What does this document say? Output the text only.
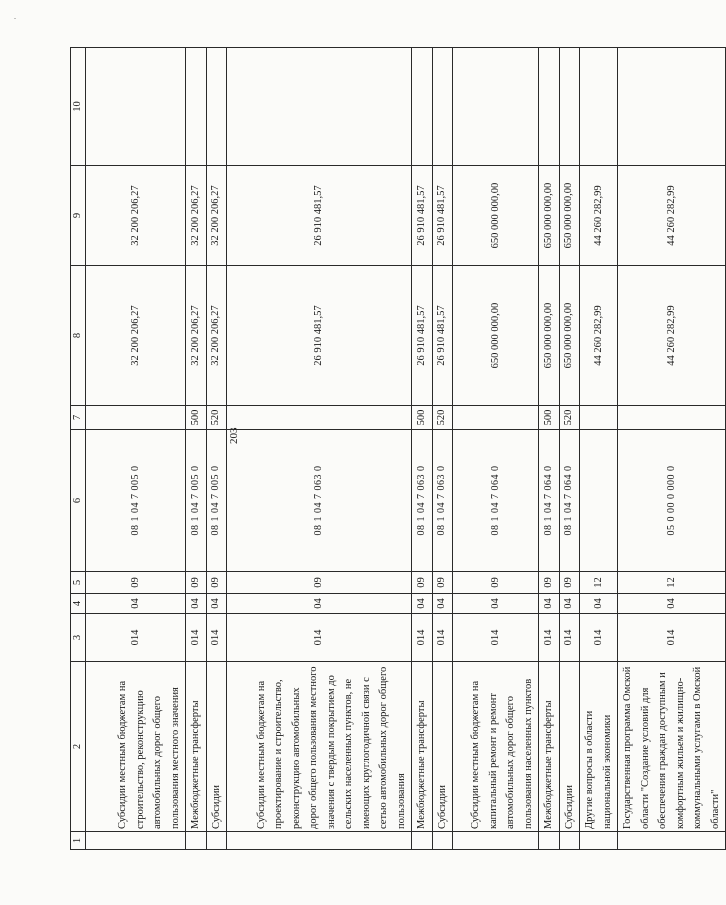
.
203
1	2	3	4	5	6	7	8	9	10
	Субсидии местным бюджетам на строительство, реконструкцию автомобильных дорог общего пользования местного значения	014	04	09	08 1 04 7 005 0		32 200 206,27	32 200 206,27	
	Межбюджетные трансферты	014	04	09	08 1 04 7 005 0	500	32 200 206,27	32 200 206,27	
	Субсидии	014	04	09	08 1 04 7 005 0	520	32 200 206,27	32 200 206,27	
	Субсидии местным бюджетам на проектирование и строительство, реконструкцию автомобильных дорог общего пользования местного значения с твердым покрытием до сельских населенных пунктов, не имеющих круглогодичной связи с сетью автомобильных дорог общего пользования	014	04	09	08 1 04 7 063 0		26 910 481,57	26 910 481,57	
	Межбюджетные трансферты	014	04	09	08 1 04 7 063 0	500	26 910 481,57	26 910 481,57	
	Субсидии	014	04	09	08 1 04 7 063 0	520	26 910 481,57	26 910 481,57	
	Субсидии местным бюджетам на капитальный ремонт и ремонт автомобильных дорог общего пользования населенных пунктов	014	04	09	08 1 04 7 064 0		650 000 000,00	650 000 000,00	
	Межбюджетные трансферты	014	04	09	08 1 04 7 064 0	500	650 000 000,00	650 000 000,00	
	Субсидии	014	04	09	08 1 04 7 064 0	520	650 000 000,00	650 000 000,00	
	Другие вопросы в области национальной экономики	014	04	12			44 260 282,99	44 260 282,99	
	Государственная программа Омской области "Создание условий для обеспечения граждан доступным и комфортным жильем и жилищно-коммунальными услугами в Омской области"	014	04	12	05 0 00 0 000 0		44 260 282,99	44 260 282,99	
